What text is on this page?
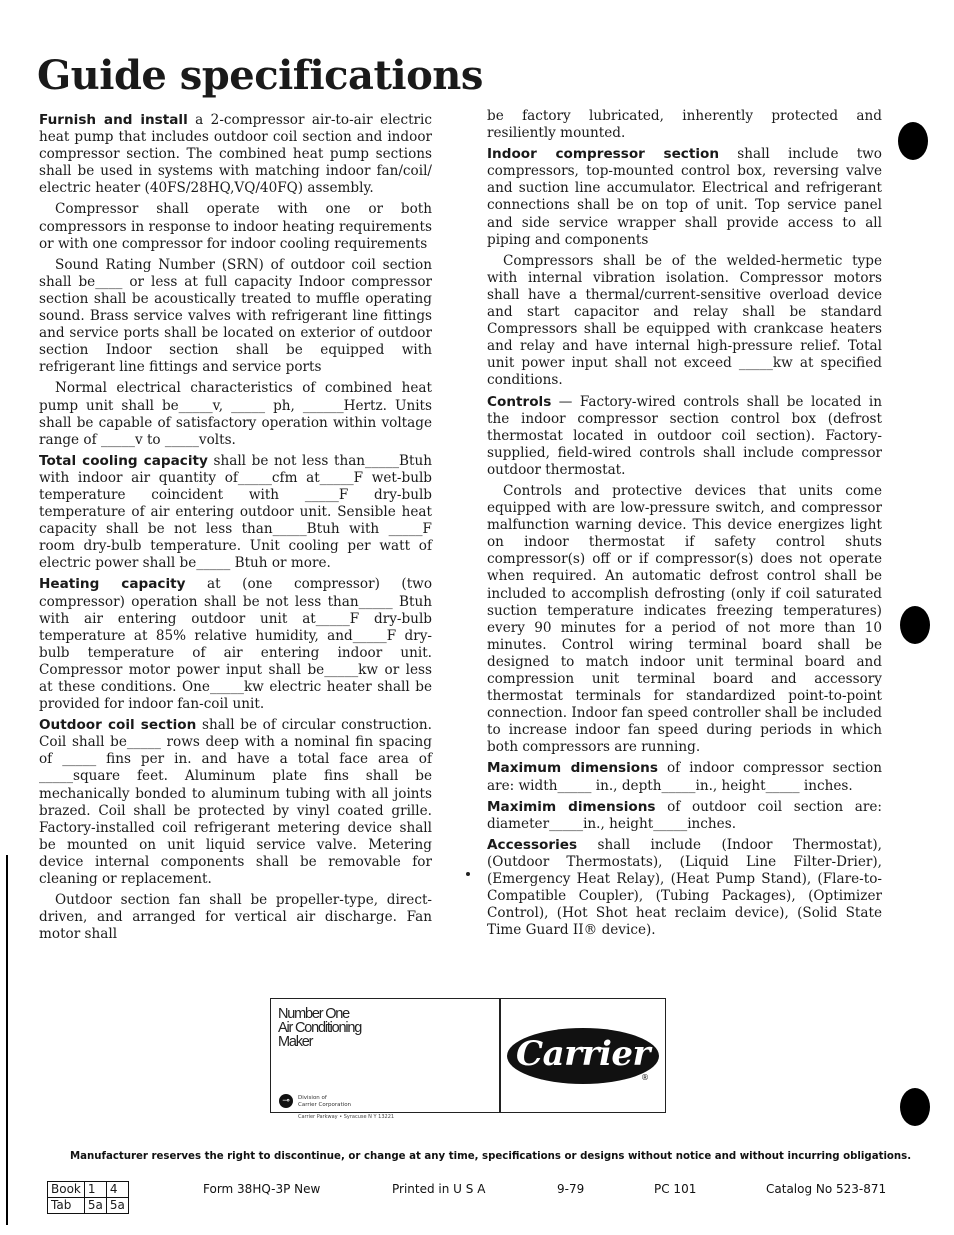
Guide specifications

Furnish and install a 2-compressor air-to-air electric heat pump that includes outdoor coil section and indoor compressor section. The combined heat pump sections shall be used in systems with matching indoor fan/coil/ electric heater (40FS/28HQ,VQ/40FQ) assembly.

Compressor shall operate with one or both compressors in response to indoor heating requirements or with one compressor for indoor cooling requirements

Sound Rating Number (SRN) of outdoor coil section shall be____ or less at full capacity Indoor compressor section shall be acoustically treated to muffle operating sound. Brass service valves with refrigerant line fittings and service ports shall be located on exterior of outdoor section Indoor section shall be equipped with refrigerant line fittings and service ports

Normal electrical characteristics of combined heat pump unit shall be_____v, _____ ph, ______Hertz. Units shall be capable of satisfactory operation within voltage range of _____v to _____volts.

Total cooling capacity shall be not less than_____Btuh with indoor air quantity of_____cfm at_____F wet-bulb temperature coincident with _____F dry-bulb temperature of air entering outdoor unit. Sensible heat capacity shall be not less than_____Btuh with _____F room dry-bulb temperature. Unit cooling per watt of electric power shall be_____ Btuh or more.

Heating capacity at (one compressor) (two compressor) operation shall be not less than_____ Btuh with air entering outdoor unit at_____F dry-bulb temperature at 85% relative humidity, and_____F dry-bulb temperature of air entering indoor unit. Compressor motor power input shall be_____kw or less at these conditions. One_____kw electric heater shall be provided for indoor fan-coil unit.

Outdoor coil section shall be of circular construction. Coil shall be_____ rows deep with a nominal fin spacing of _____ fins per in. and have a total face area of _____square feet. Aluminum plate fins shall be mechanically bonded to aluminum tubing with all joints brazed. Coil shall be protected by vinyl coated grille. Factory-installed coil refrigerant metering device shall be mounted on unit liquid service valve. Metering device internal components shall be removable for cleaning or replacement.

Outdoor section fan shall be propeller-type, direct-driven, and arranged for vertical air discharge. Fan motor shall

be factory lubricated, inherently protected and resiliently mounted.

Indoor compressor section shall include two compressors, top-mounted control box, reversing valve and suction line accumulator. Electrical and refrigerant connections shall be on top of unit. Top service panel and side service wrapper shall provide access to all piping and components

Compressors shall be of the welded-hermetic type with internal vibration isolation. Compressor motors shall have a thermal/current-sensitive overload device and start capacitor and relay shall be standard Compressors shall be equipped with crankcase heaters and relay and have internal high-pressure relief. Total unit power input shall not exceed _____kw at specified conditions.

Controls — Factory-wired controls shall be located in the indoor compressor section control box (defrost thermostat located in outdoor coil section). Factory-supplied, field-wired controls shall include compressor outdoor thermostat.

Controls and protective devices that units come equipped with are low-pressure switch, and compressor malfunction warning device. This device energizes light on indoor thermostat if safety control shuts compressor(s) off or if compressor(s) does not operate when required. An automatic defrost control shall be included to accomplish defrosting (only if coil saturated suction temperature indicates freezing temperatures) every 90 minutes for a period of not more than 10 minutes. Control wiring terminal board shall be designed to match indoor unit terminal board and compression unit terminal board and accessory thermostat terminals for standardized point-to-point connection. Indoor fan speed controller shall be included to increase indoor fan speed during periods in which both compressors are running.

Maximum dimensions of indoor compressor section are: width_____ in., depth_____in., height_____ inches.

Maximim dimensions of outdoor coil section are: diameter_____in., height_____inches.

Accessories shall include (Indoor Thermostat), (Outdoor Thermostats), (Liquid Line Filter-Drier), (Emergency Heat Relay), (Heat Pump Stand), (Flare-to-Compatible Coupler), (Tubing Packages), (Optimizer Control), (Hot Shot heat reclaim device), (Solid State Time Guard II® device).

Number One
Air Conditioning
Maker
⊸	Division of
Carrier Corporation
Carrier Parkway • Syracuse N Y 13221
Carrier
®
Manufacturer reserves the right to discontinue, or change at any time, specifications or designs without notice and without incurring obligations.
Book	1	4
Tab	5a	5a
Form 38HQ-3P New	Printed in U S A	9-79	PC 101	Catalog No 523-871
